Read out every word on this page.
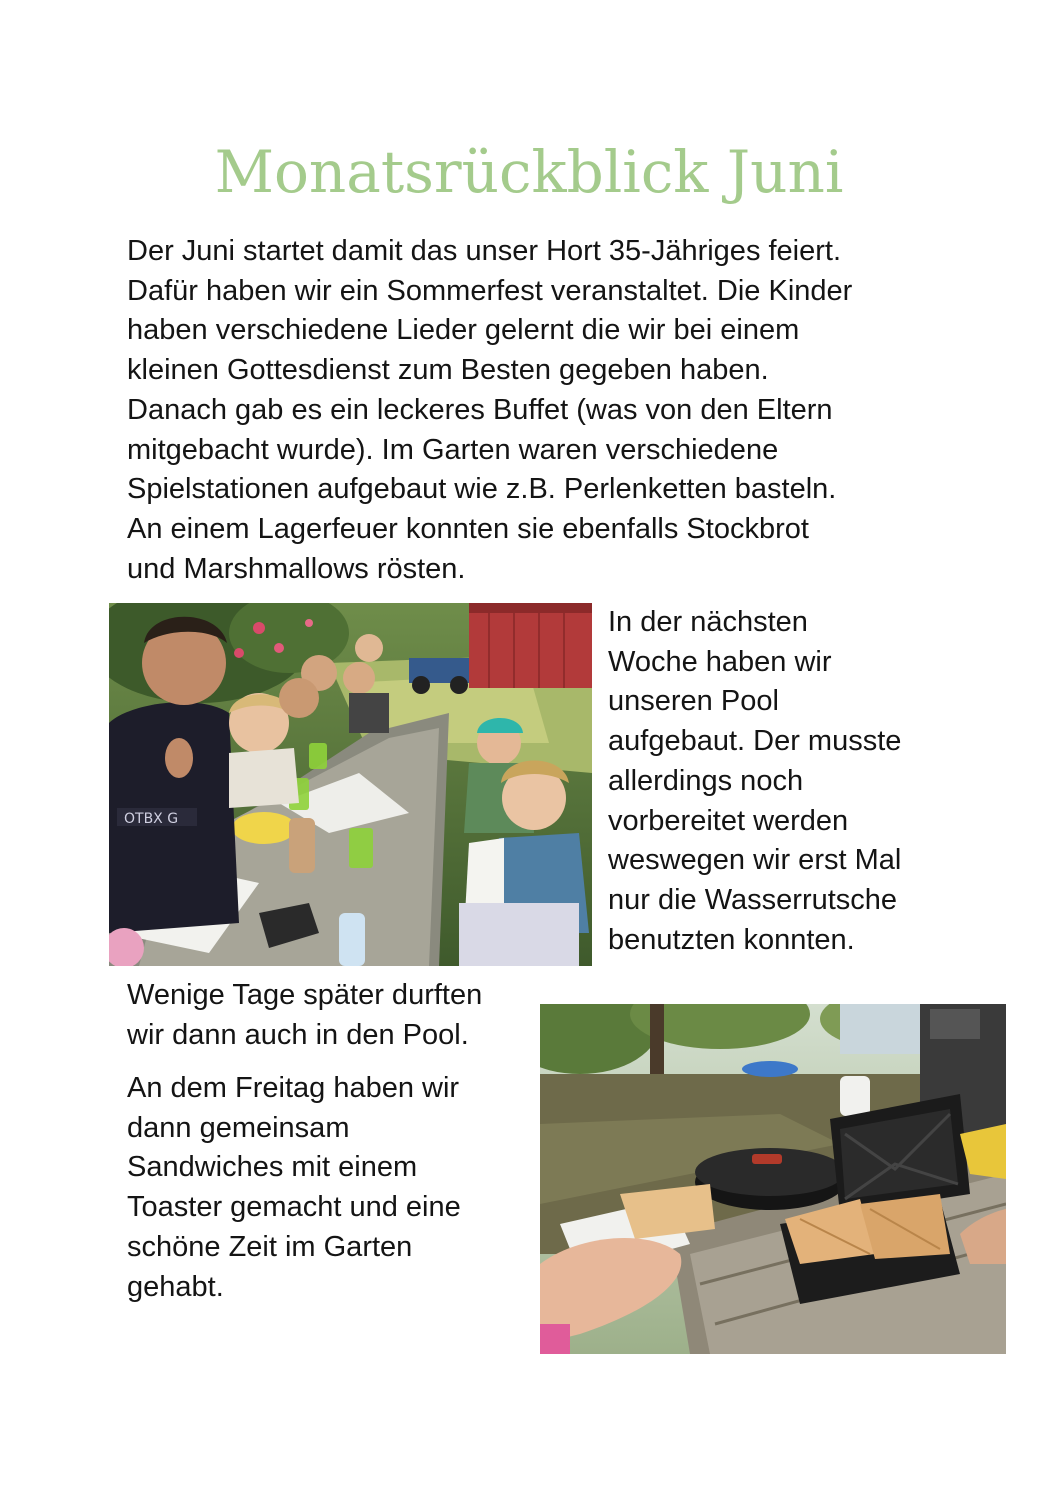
Monatsrückblick Juni

Der Juni startet damit das unser Hort 35-Jähriges feiert.
Dafür haben wir ein Sommerfest veranstaltet. Die Kinder
haben verschiedene Lieder gelernt die wir bei einem
kleinen Gottesdienst zum Besten gegeben haben.
Danach gab es ein leckeres Buffet (was von den Eltern
mitgebacht wurde). Im Garten waren verschiedene
Spielstationen aufgebaut wie z.B. Perlenketten basteln.
An einem Lagerfeuer konnten sie ebenfalls Stockbrot
und Marshmallows rösten.

OTBX G

In der nächsten
Woche haben wir
unseren Pool
aufgebaut. Der musste
allerdings noch
vorbereitet werden
weswegen wir erst Mal
nur die Wasserrutsche
benutzten konnten.

Wenige Tage später durften
wir dann auch in den Pool.

An dem Freitag haben wir
dann gemeinsam
Sandwiches mit einem
Toaster gemacht und eine
schöne Zeit im Garten
gehabt.
